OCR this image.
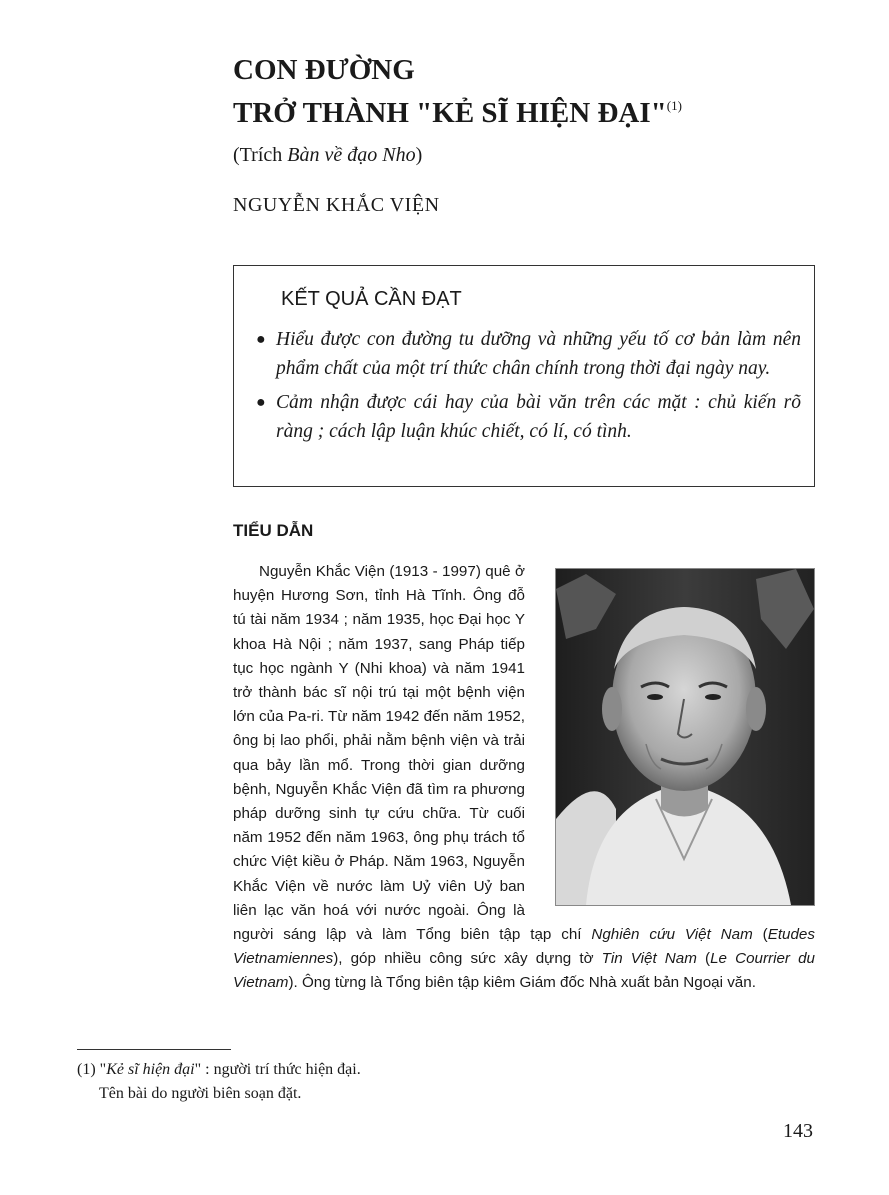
CON ĐƯỜNG
TRỞ THÀNH "KẺ SĨ HIỆN ĐẠI"$^{(1)}$
(Trích Bàn về đạo Nho)
NGUYỄN KHẮC VIỆN
KẾT QUẢ CẦN ĐẠT
● Hiểu được con đường tu dưỡng và những yếu tố cơ bản làm nên phẩm chất của một trí thức chân chính trong thời đại ngày nay.
● Cảm nhận được cái hay của bài văn trên các mặt : chủ kiến rõ ràng ; cách lập luận khúc chiết, có lí, có tình.
TIỂU DẪN
Nguyễn Khắc Viện (1913 - 1997) quê ở huyện Hương Sơn, tỉnh Hà Tĩnh. Ông đỗ tú tài năm 1934 ; năm 1935, học Đại học Y khoa Hà Nội ; năm 1937, sang Pháp tiếp tục học ngành Y (Nhi khoa) và năm 1941 trở thành bác sĩ nội trú tại một bệnh viện lớn của Pa-ri. Từ năm 1942 đến năm 1952, ông bị lao phổi, phải nằm bệnh viện và trải qua bảy lần mổ. Trong thời gian dưỡng bệnh, Nguyễn Khắc Viện đã tìm ra phương pháp dưỡng sinh tự cứu chữa. Từ cuối năm 1952 đến năm 1963, ông phụ trách tổ chức Việt kiều ở Pháp. Năm 1963, Nguyễn Khắc Viện về nước làm Uỷ viên Uỷ ban liên lạc văn hoá với nước ngoài. Ông là người sáng lập và làm Tổng biên tập tạp chí Nghiên cứu Việt Nam (Etudes Vietnamiennes), góp nhiều công sức xây dựng tờ Tin Việt Nam (Le Courrier du Vietnam). Ông từng là Tổng biên tập kiêm Giám đốc Nhà xuất bản Ngoại văn.
(1) "Kẻ sĩ hiện đại" : người trí thức hiện đại.
Tên bài do người biên soạn đặt.
143
